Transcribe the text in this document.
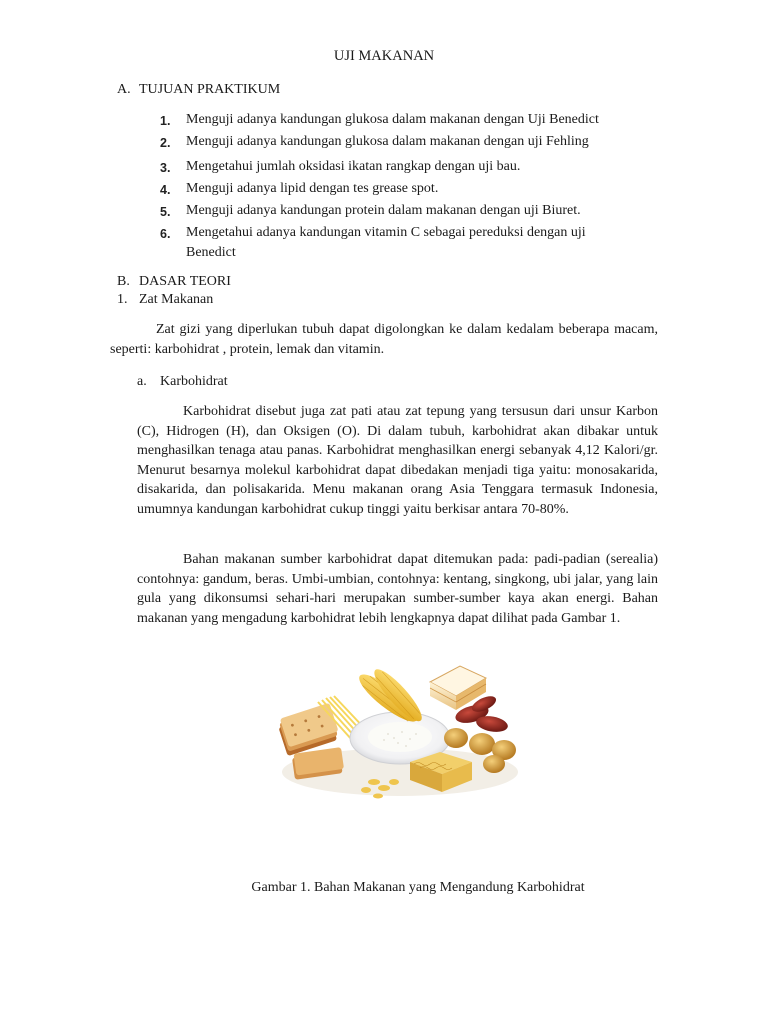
UJI MAKANAN
A. TUJUAN PRAKTIKUM
1.	Menguji adanya kandungan glukosa dalam makanan dengan Uji Benedict
2.	Menguji adanya kandungan glukosa dalam makanan dengan uji Fehling
3.	Mengetahui jumlah oksidasi ikatan rangkap dengan uji bau.
4.	Menguji adanya lipid dengan tes grease spot.
5.	Menguji adanya kandungan protein dalam makanan dengan uji Biuret.
6.	Mengetahui adanya kandungan vitamin C sebagai pereduksi dengan uji Benedict
B. DASAR TEORI
1. Zat Makanan

Zat gizi yang diperlukan tubuh dapat digolongkan ke dalam kedalam beberapa macam, seperti: karbohidrat , protein, lemak dan vitamin.

a. Karbohidrat

Karbohidrat disebut juga zat pati atau zat tepung yang tersusun dari unsur Karbon (C), Hidrogen (H), dan Oksigen (O). Di dalam tubuh, karbohidrat akan dibakar untuk menghasilkan tenaga atau panas. Karbohidrat menghasilkan energi sebanyak 4,12 Kalori/gr. Menurut besarnya molekul karbohidrat dapat dibedakan menjadi tiga yaitu: monosakarida, disakarida, dan polisakarida. Menu makanan orang Asia Tenggara termasuk Indonesia, umumnya kandungan karbohidrat cukup tinggi yaitu berkisar antara 70-80%.

Bahan makanan sumber karbohidrat dapat ditemukan pada: padi-padian (serealia) contohnya: gandum, beras. Umbi-umbian, contohnya: kentang, singkong, ubi jalar, yang lain gula yang dikonsumsi sehari-hari merupakan sumber-sumber kaya akan energi. Bahan makanan yang mengadung karbohidrat lebih lengkapnya dapat dilihat pada Gambar 1.

Gambar 1. Bahan Makanan yang Mengandung Karbohidrat
